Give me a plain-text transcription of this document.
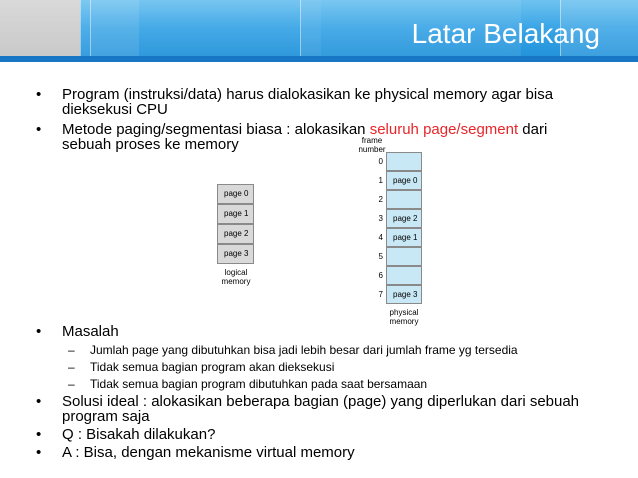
Latar Belakang
• Program (instruksi/data) harus dialokasikan ke physical memory agar bisa
dieksekusi CPU
• Metode paging/segmentasi biasa : alokasikan seluruh page/segment dari
sebuah proses ke memory
• Masalah
– Jumlah page yang dibutuhkan bisa jadi lebih besar dari jumlah frame yg tersedia
– Tidak semua bagian program akan dieksekusi
– Tidak semua bagian program dibutuhkan pada saat bersamaan
• Solusi ideal : alokasikan beberapa bagian (page) yang diperlukan dari sebuah
program saja
• Q : Bisakah dilakukan?
• A : Bisa, dengan mekanisme virtual memory
page 0
page 1
page 2
page 3
logical
memory
frame
number
0
1
2
3
4
5
6
7
page 0
page 2
page 1
page 3
physical
memory
